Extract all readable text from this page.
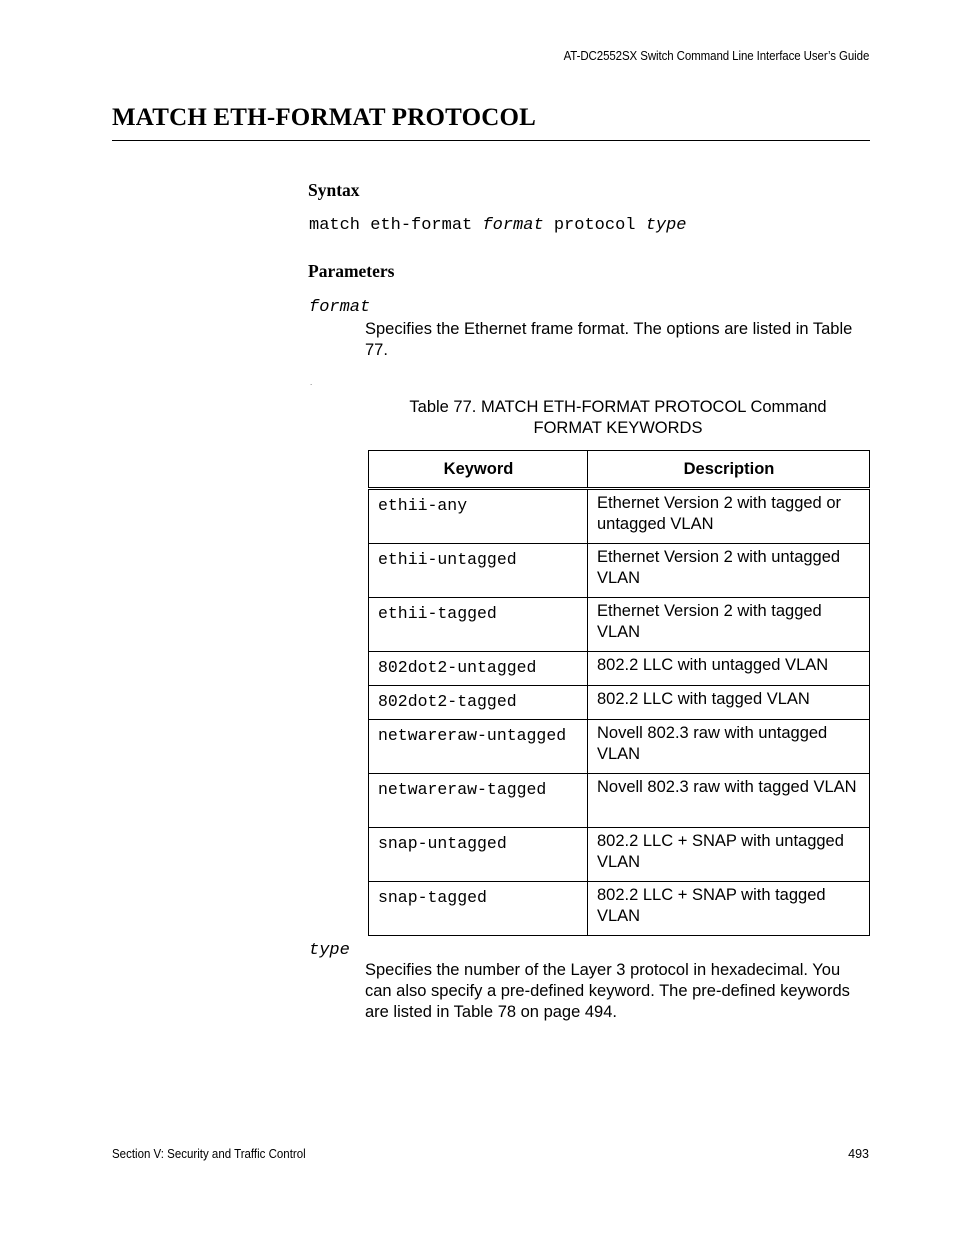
AT-DC2552SX Switch Command Line Interface User’s Guide
MATCH ETH-FORMAT PROTOCOL
Syntax
match eth-format format protocol type
Parameters
format
Specifies the Ethernet frame format. The options are listed in Table 77.
.
Table 77. MATCH ETH-FORMAT PROTOCOL Command
FORMAT KEYWORDS
Keyword	Description
ethii-any	Ethernet Version 2 with tagged or untagged VLAN
ethii-untagged	Ethernet Version 2 with untagged VLAN
ethii-tagged	Ethernet Version 2 with tagged VLAN
802dot2-untagged	802.2 LLC with untagged VLAN
802dot2-tagged	802.2 LLC with tagged VLAN
netwareraw-untagged	Novell 802.3 raw with untagged VLAN
netwareraw-tagged	Novell 802.3 raw with tagged VLAN
snap-untagged	802.2 LLC + SNAP with untagged VLAN
snap-tagged	802.2 LLC + SNAP with tagged VLAN
type
Specifies the number of the Layer 3 protocol in hexadecimal. You can also specify a pre-defined keyword. The pre-defined keywords are listed in Table 78 on page 494.
Section V: Security and Traffic Control	493
